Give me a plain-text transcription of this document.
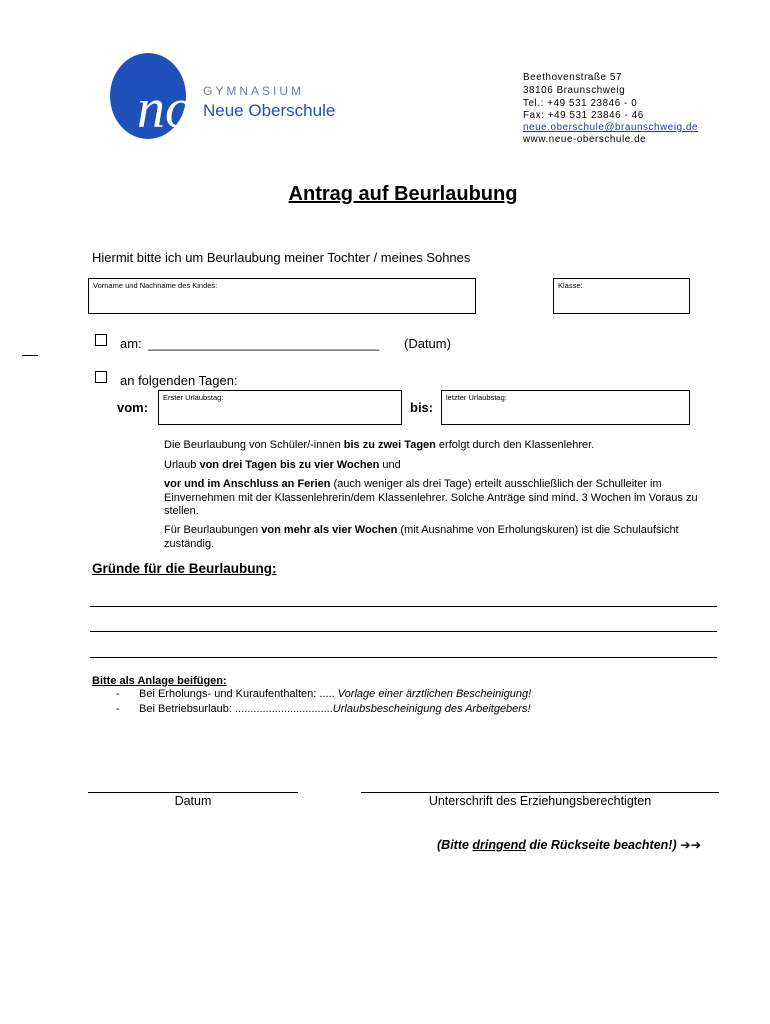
no GYMNASIUM
Neue Oberschule
Beethovenstraße 57
38106 Braunschweig
Tel.: +49 531 23846 - 0
Fax: +49 531 23846 - 46
neue.oberschule@braunschweig.de
www.neue-oberschule.de
Antrag auf Beurlaubung
Hiermit bitte ich um Beurlaubung meiner Tochter / meines Sohnes
Vorname und Nachname des Kindes:	Klasse:
am: ________________________________ (Datum)
an folgenden Tagen:
vom:
Erster Urlaubstag:
bis:
letzter Urlaubstag:
Die Beurlaubung von Schüler/-innen bis zu zwei Tagen erfolgt durch den Klassenlehrer.
Urlaub von drei Tagen bis zu vier Wochen und
vor und im Anschluss an Ferien (auch weniger als drei Tage) erteilt ausschließlich der Schulleiter im Einvernehmen mit der Klassenlehrerin/dem Klassenlehrer. Solche Anträge sind mind. 3 Wochen im Voraus zu stellen.
Für Beurlaubungen von mehr als vier Wochen (mit Ausnahme von Erholungskuren) ist die Schulaufsicht zuständig.
Gründe für die Beurlaubung:
Bitte als Anlage beifügen:
- Bei Erholungs- und Kuraufenthalten: ..... Vorlage einer ärztlichen Bescheinigung!
- Bei Betriebsurlaub: ................................Urlaubsbescheinigung des Arbeitgebers!
Datum	Unterschrift des Erziehungsberechtigten
(Bitte dringend die Rückseite beachten!) ➔➔
